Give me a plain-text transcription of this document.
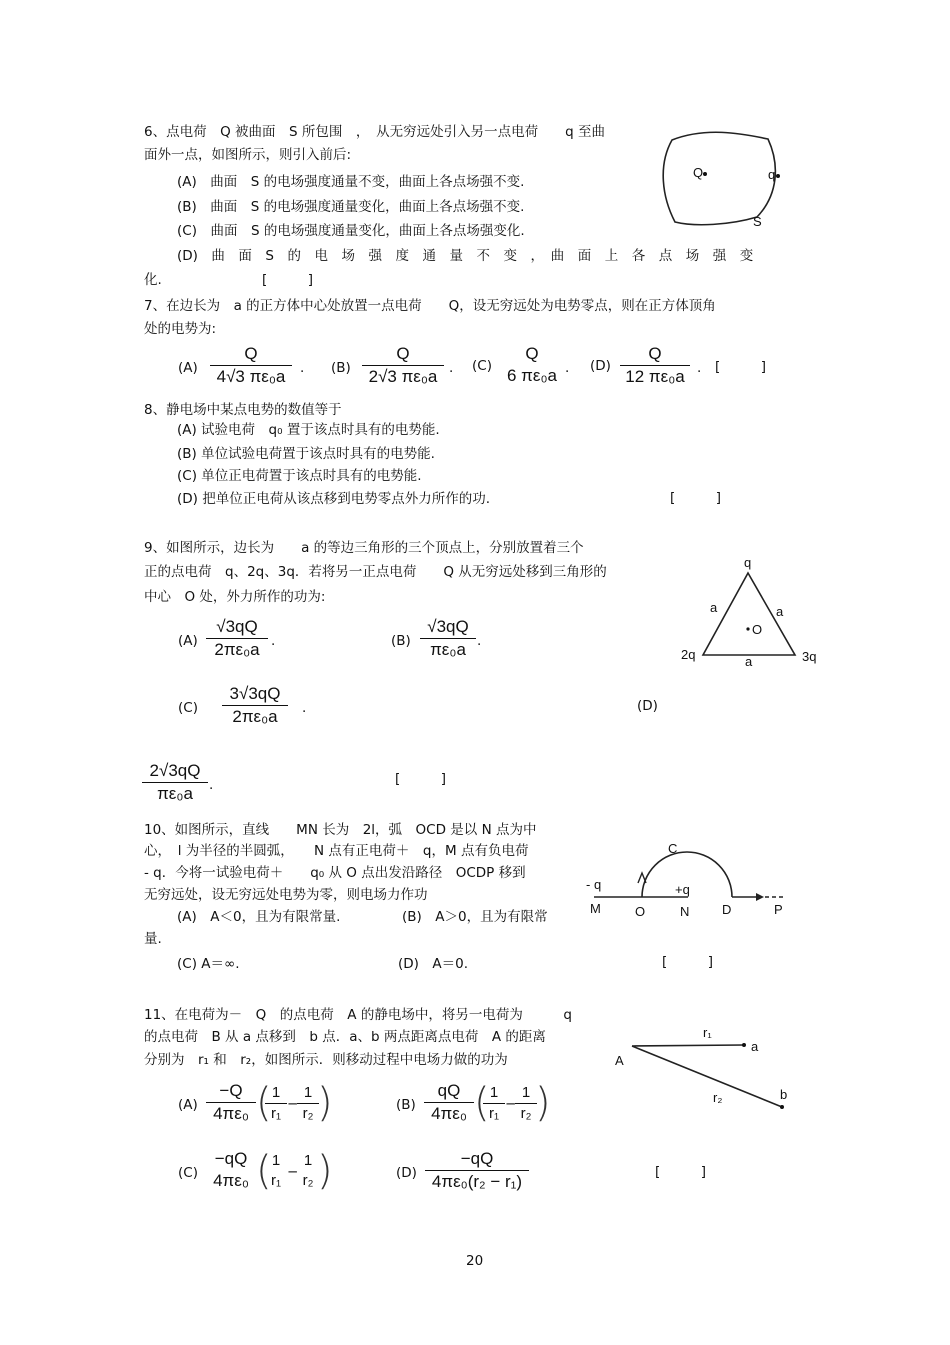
6、点电荷　Q 被曲面　S 所包围　，　从无穷远处引入另一点电荷　　q 至曲
面外一点，如图所示，则引入前后:
(A)　曲面　S 的电场强度通量不变，曲面上各点场强不变.
(B)　曲面　S 的电场强度通量变化，曲面上各点场强不变.
(C)　曲面　S 的电场强度通量变化，曲面上各点场强变化.
(D)　曲　面　S　的　电　场　强　度　通　量　不　变　，　曲　面　上　各　点　场　强　变
化.	[　　　]
Q	q
S
7、在边长为　a 的正方体中心处放置一点电荷　　Q，设无穷远处为电势零点，则在正方体顶角
处的电势为:
$(A) \frac{Q}{\text{4√3 πε₀a}}$ . $(B) \frac{Q}{\text{2√3 πε₀a}}$ . (C)
Q
6 πε₀a . $(D) \frac{Q}{\text{12 πε₀a}}$ . [　　　]
8、静电场中某点电势的数值等于
(A) 试验电荷　q₀ 置于该点时具有的电势能.
(B) 单位试验电荷置于该点时具有的电势能.
(C) 单位正电荷置于该点时具有的电势能.
(D) 把单位正电荷从该点移到电势零点外力所作的功.	[　　　]
9、如图所示，边长为　　a 的等边三角形的三个顶点上，分别放置着三个
正的点电荷　q、2q、3q．若将另一正点电荷　　Q 从无穷远处移到三角形的
中心　O 处，外力所作的功为:
$(A) \frac{√3qQ}{\text{2πε₀a}}$ .	$(B) \frac{√3qQ}{\text{πε₀a}}$ .
$(C) \frac{3√3qQ}{\text{2πε₀a}}$ .	(D)
$\frac{2√3qQ}{\text{πε₀a}}$ .	[　　　]
q
2q	3q
O
a	a
a
10、如图所示，直线　　MN 长为　2l，弧　OCD 是以 N 点为中
心，　l 为半径的半圆弧，　　N 点有正电荷＋　q，M 点有负电荷
- q．今将一试验电荷＋　　q₀ 从 O 点出发沿路径　OCDP 移到
无穷远处，设无穷远处电势为零，则电场力作功
(A)　A＜0，且为有限常量.	(B)　A＞0，且为有限常
量.
(C) A＝∞.	(D)　A＝0.	[　　　]
C
- q	+q
M	O	N	D	P
11、在电荷为－　Q　的点电荷　A 的静电场中，将另一电荷为　　　q
的点电荷　B 从 a 点移到　b 点．a、b 两点距离点电荷　A 的距离
分别为　r₁ 和　r₂，如图所示．则移动过程中电场力做的功为
$(A) \frac{-Q}{\text{4πε₀}}$ (
$\frac{1}{\text{r₁}}$ −
$\frac{1}{\text{r₂}}$
)	$(B) \frac{qQ}{\text{4πε₀}}$ (
$\frac{1}{\text{r₁}}$ −
$\frac{1}{\text{r₂}}$
)
(C)
−qQ
4πε₀ ( 1
r₁ −
1
r₂ )	$(D) \frac{-qQ}{\text{4πε₀(r₂ − r₁)}}$	[　　　]
A
a
b
r₁
r₂
20
